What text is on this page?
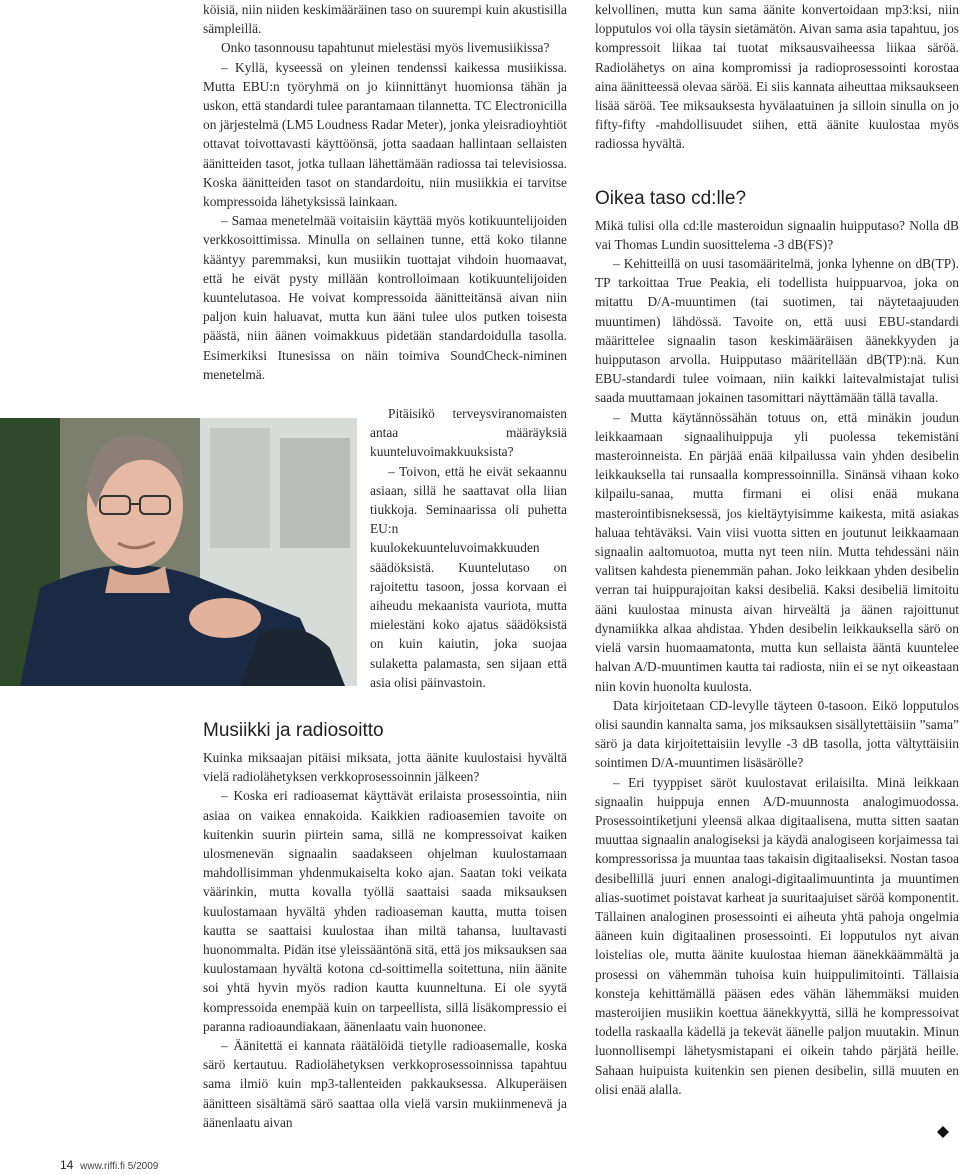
köisiä, niin niiden keskimääräinen taso on suurempi kuin akustisilla sämpleillä.

Onko tasonnousu tapahtunut mielestäsi myös livemusiikissa?

– Kyllä, kyseessä on yleinen tendenssi kaikessa musiikissa. Mutta EBU:n työryhmä on jo kiinnittänyt huomionsa tähän ja uskon, että standardi tulee parantamaan tilannetta. TC Electronicilla on järjestelmä (LM5 Loudness Radar Meter), jonka yleisradioyhtiöt ottavat toivottavasti käyttöönsä, jotta saadaan hallintaan sellaisten äänitteiden tasot, jotka tullaan lähettämään radiossa tai televisiossa. Koska äänitteiden tasot on standardoitu, niin musiikkia ei tarvitse kompressoida lähetyksissä lainkaan.

– Samaa menetelmää voitaisiin käyttää myös kotikuuntelijoiden verkkosoittimissa. Minulla on sellainen tunne, että koko tilanne kääntyy paremmaksi, kun musiikin tuottajat vihdoin huomaavat, että he eivät pysty millään kontrolloimaan kotikuuntelijoiden kuuntelutasoa. He voivat kompressoida äänitteitänsä aivan niin paljon kuin haluavat, mutta kun ääni tulee ulos putken toisesta päästä, niin äänen voimakkuus pidetään standardoidulla tasolla. Esimerkiksi Itunesissa on näin toimiva SoundCheck-niminen menetelmä.

Pitäisikö terveysviranomaisten antaa määräyksiä kuunteluvoimakkuuksista?

– Toivon, että he eivät sekaannu asiaan, sillä he saattavat olla liian tiukkoja. Seminaarissa oli puhetta EU:n kuulokekuunteluvoimakkuuden säädöksistä. Kuuntelutaso on rajoitettu tasoon, jossa korvaan ei aiheudu mekaanista vauriota, mutta mielestäni koko ajatus säädöksistä on kuin kaiutin, joka suojaa sulaketta palamasta, sen sijaan että asia olisi päinvastoin.

Musiikki ja radiosoitto

Kuinka miksaajan pitäisi miksata, jotta äänite kuulostaisi hyvältä vielä radiolähetyksen verkkoprosessoinnin jälkeen?

– Koska eri radioasemat käyttävät erilaista prosessointia, niin asiaa on vaikea ennakoida. Kaikkien radioasemien tavoite on kuitenkin suurin piirtein sama, sillä ne kompressoivat kaiken ulosmenevän signaalin saadakseen ohjelman kuulostamaan mahdollisimman yhdenmukaiselta koko ajan. Saatan toki veikata väärinkin, mutta kovalla työllä saattaisi saada miksauksen kuulostamaan hyvältä yhden radioaseman kautta, mutta toisen kautta se saattaisi kuulostaa ihan miltä tahansa, luultavasti huonommalta. Pidän itse yleissääntönä sitä, että jos miksauksen saa kuulostamaan hyvältä kotona cd-soittimella soitettuna, niin äänite soi yhtä hyvin myös radion kautta kuunneltuna. Ei ole syytä kompressoida enempää kuin on tarpeellista, sillä lisäkompressio ei paranna radioaundiakaan, äänenlaatu vain huononee.

– Äänitettä ei kannata räätälöidä tietylle radioasemalle, koska särö kertautuu. Radiolähetyksen verkkoprosessoinnissa tapahtuu sama ilmiö kuin mp3-tallenteiden pakkauksessa. Alkuperäisen äänitteen sisältämä särö saattaa olla vielä varsin mukiinmenevä ja äänenlaatu aivan

kelvollinen, mutta kun sama äänite konvertoidaan mp3:ksi, niin lopputulos voi olla täysin sietämätön. Aivan sama asia tapahtuu, jos kompressoit liikaa tai tuotat miksausvaiheessa liikaa säröä. Radiolähetys on aina kompromissi ja radioprosessointi korostaa aina äänitteessä olevaa säröä. Ei siis kannata aiheuttaa miksaukseen lisää säröä. Tee miksauksesta hyvälaatuinen ja silloin sinulla on jo fifty-fifty -mahdollisuudet siihen, että äänite kuulostaa myös radiossa hyvältä.

Oikea taso cd:lle?

Mikä tulisi olla cd:lle masteroidun signaalin huipputaso? Nolla dB vai Thomas Lundin suosittelema -3 dB(FS)?

– Kehitteillä on uusi tasomääritelmä, jonka lyhenne on dB(TP). TP tarkoittaa True Peakia, eli todellista huippuarvoa, joka on mitattu D/A-muuntimen (tai suotimen, tai näytetaajuuden muuntimen) lähdössä. Tavoite on, että uusi EBU-standardi määrittelee signaalin tason keskimääräisen äänekkyyden ja huipputason arvolla. Huipputaso määritellään dB(TP):nä. Kun EBU-standardi tulee voimaan, niin kaikki laitevalmistajat tulisi saada muuttamaan jokainen tasomittari näyttämään tällä tavalla.

– Mutta käytännössähän totuus on, että minäkin joudun leikkaamaan signaalihuippuja yli puolessa tekemistäni masteroinneista. En pärjää enää kilpailussa vain yhden desibelin leikkauksella tai runsaalla kompressoinnilla. Sinänsä vihaan koko kilpailu-sanaa, mutta firmani ei olisi enää mukana masterointibisneksessä, jos kieltäytyisimme kaikesta, mitä asiakas haluaa tehtäväksi. Vain viisi vuotta sitten en joutunut leikkaamaan signaalin aaltomuotoa, mutta nyt teen niin. Mutta tehdessäni näin valitsen kahdesta pienemmän pahan. Joko leikkaan yhden desibelin verran tai huippurajoitan kaksi desibeliä. Kaksi desibeliä limitoitu ääni kuulostaa minusta aivan hirveältä ja äänen rajoittunut dynamiikka alkaa ahdistaa. Yhden desibelin leikkauksella särö on vielä varsin huomaamatonta, mutta kun sellaista ääntä kuuntelee halvan A/D-muuntimen kautta tai radiosta, niin ei se nyt oikeastaan niin kovin huonolta kuulosta.

Data kirjoitetaan CD-levylle täyteen 0-tasoon. Eikö lopputulos olisi saundin kannalta sama, jos miksauksen sisällytettäisiin ”sama” särö ja data kirjoitettaisiin levylle -3 dB tasolla, jotta vältyttäisiin sointimen D/A-muuntimen lisäsärölle?

– Eri tyyppiset säröt kuulostavat erilaisilta. Minä leikkaan signaalin huippuja ennen A/D-muunnosta analogimuodossa. Prosessointiketjuni yleensä alkaa digitaalisena, mutta sitten saatan muuttaa signaalin analogiseksi ja käydä analogiseen korjaimessa tai kompressorissa ja muuntaa taas takaisin digitaaliseksi. Nostan tasoa desibellillä juuri ennen analogi-digitaalimuuntinta ja muuntimen alias-suotimet poistavat karheat ja suuritaajuiset säröä komponentit. Tällainen analoginen prosessointi ei aiheuta yhtä pahoja ongelmia ääneen kuin digitaalinen prosessointi. Ei lopputulos nyt aivan loistelias ole, mutta äänite kuulostaa hieman äänekkäämmältä ja prosessi on vähemmän tuhoisa kuin huippulimitointi. Tällaisia konsteja kehittämällä pääsen edes vähän lähemmäksi muiden masteroijien musiikin koettua äänekkyyttä, sillä he kompressoivat todella raskaalla kädellä ja tekevät äänelle paljon muutakin. Minun luonnollisempi lähetysmistapani ei oikein tahdo pärjätä heille. Sahaan huipuista kuitenkin sen pienen desibelin, sillä muuten en olisi enää alalla.

14 www.riffi.fi 5/2009
